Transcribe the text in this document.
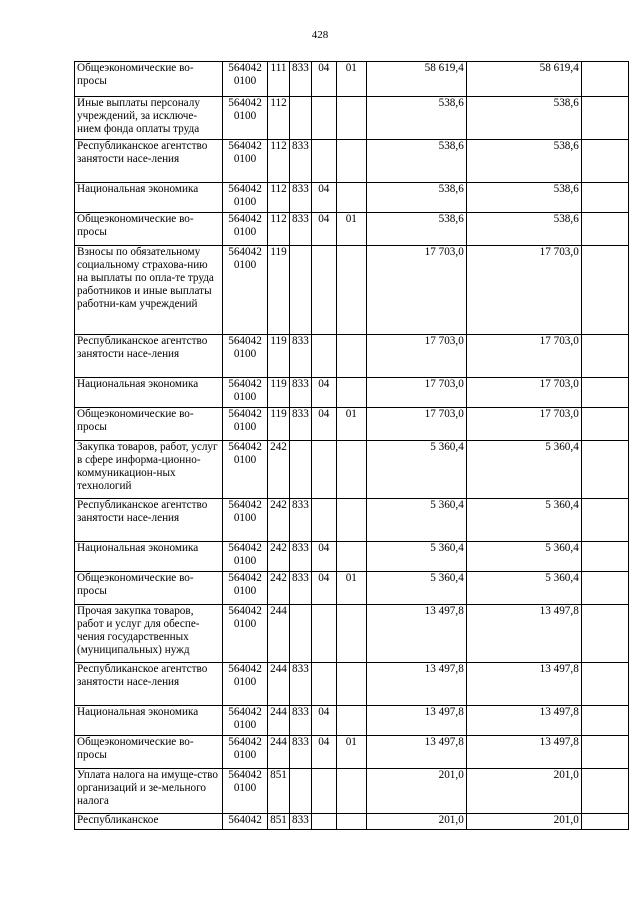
428
Общеэкономические во-просы	564042 0100	111	833	04	01	58 619,4	58 619,4	
Иные выплаты персоналу учреждений, за исключе-нием фонда оплаты труда	564042 0100	112				538,6	538,6	
Республиканское агентство занятости насе-ления	564042 0100	112	833			538,6	538,6	
Национальная экономика	564042 0100	112	833	04		538,6	538,6	
Общеэкономические во-просы	564042 0100	112	833	04	01	538,6	538,6	
Взносы по обязательному социальному страхова-нию на выплаты по опла-те труда работников и иные выплаты работни-кам учреждений	564042 0100	119				17 703,0	17 703,0	
Республиканское агентство занятости насе-ления	564042 0100	119	833			17 703,0	17 703,0	
Национальная экономика	564042 0100	119	833	04		17 703,0	17 703,0	
Общеэкономические во-просы	564042 0100	119	833	04	01	17 703,0	17 703,0	
Закупка товаров, работ, услуг в сфере информа-ционно-коммуникацион-ных технологий	564042 0100	242				5 360,4	5 360,4	
Республиканское агентство занятости насе-ления	564042 0100	242	833			5 360,4	5 360,4	
Национальная экономика	564042 0100	242	833	04		5 360,4	5 360,4	
Общеэкономические во-просы	564042 0100	242	833	04	01	5 360,4	5 360,4	
Прочая закупка товаров, работ и услуг для обеспе-чения государственных (муниципальных) нужд	564042 0100	244				13 497,8	13 497,8	
Республиканское агентство занятости насе-ления	564042 0100	244	833			13 497,8	13 497,8	
Национальная экономика	564042 0100	244	833	04		13 497,8	13 497,8	
Общеэкономические во-просы	564042 0100	244	833	04	01	13 497,8	13 497,8	
Уплата налога на имуще-ство организаций и зе-мельного налога	564042 0100	851				201,0	201,0	
Республиканское	564042	851	833			201,0	201,0	
